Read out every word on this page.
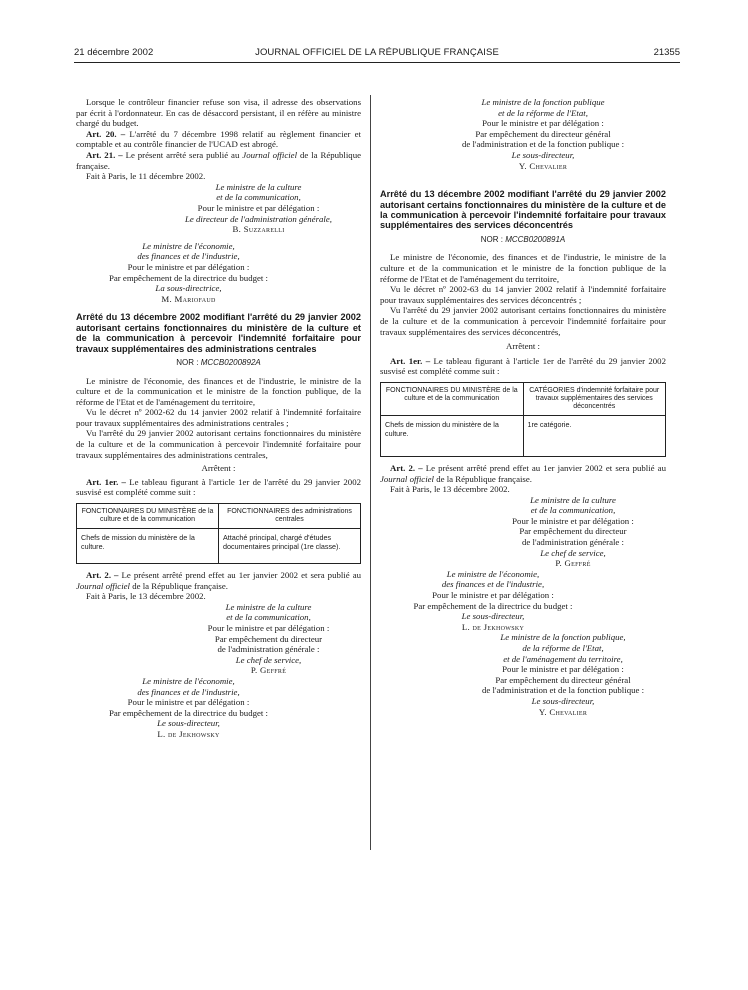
21 décembre 2002	JOURNAL OFFICIEL DE LA RÉPUBLIQUE FRANÇAISE	21355

Lorsque le contrôleur financier refuse son visa, il adresse des observations par écrit à l'ordonnateur. En cas de désaccord persistant, il en réfère au ministre chargé du budget.

Art. 20. – L'arrêté du 7 décembre 1998 relatif au règlement financier et comptable et au contrôle financier de l'UCAD est abrogé.

Art. 21. – Le présent arrêté sera publié au Journal officiel de la République française.

Fait à Paris, le 11 décembre 2002.

Le ministre de la culture
et de la communication,
Pour le ministre et par délégation :
Le directeur de l'administration générale,
B. Suzzarelli
Le ministre de l'économie,
des finances et de l'industrie,
Pour le ministre et par délégation :
Par empêchement de la directrice du budget :
La sous-directrice,
M. Mariofaud

Arrêté du 13 décembre 2002 modifiant l'arrêté du 29 janvier 2002 autorisant certains fonctionnaires du ministère de la culture et de la communication à percevoir l'indemnité forfaitaire pour travaux supplémentaires des administrations centrales

NOR : MCCB0200892A

Le ministre de l'économie, des finances et de l'industrie, le ministre de la culture et de la communication et le ministre de la fonction publique, de la réforme de l'Etat et de l'aménagement du territoire,

Vu le décret nº 2002-62 du 14 janvier 2002 relatif à l'indemnité forfaitaire pour travaux supplémentaires des administrations centrales ;

Vu l'arrêté du 29 janvier 2002 autorisant certains fonctionnaires du ministère de la culture et de la communication à percevoir l'indemnité forfaitaire pour travaux supplémentaires des administrations centrales,

Arrêtent :

Art. 1er. – Le tableau figurant à l'article 1er de l'arrêté du 29 janvier 2002 susvisé est complété comme suit :

FONCTIONNAIRES DU MINISTÈRE de la culture et de la communication	FONCTIONNAIRES des administrations centrales
Chefs de mission du ministère de la culture.	Attaché principal, chargé d'études documentaires principal (1re classe).

Art. 2. – Le présent arrêté prend effet au 1er janvier 2002 et sera publié au Journal officiel de la République française.

Fait à Paris, le 13 décembre 2002.

Le ministre de la culture
et de la communication,
Pour le ministre et par délégation :
Par empêchement du directeur
de l'administration générale :
Le chef de service,
P. Geffré
Le ministre de l'économie,
des finances et de l'industrie,
Pour le ministre et par délégation :
Par empêchement de la directrice du budget :
Le sous-directeur,
L. de Jekhowsky
Le ministre de la fonction publique
et de la réforme de l'Etat,
Pour le ministre et par délégation :
Par empêchement du directeur général
de l'administration et de la fonction publique :
Le sous-directeur,
Y. Chevalier

Arrêté du 13 décembre 2002 modifiant l'arrêté du 29 janvier 2002 autorisant certains fonctionnaires du ministère de la culture et de la communication à percevoir l'indemnité forfaitaire pour travaux supplémentaires des services déconcentrés

NOR : MCCB0200891A

Le ministre de l'économie, des finances et de l'industrie, le ministre de la culture et de la communication et le ministre de la fonction publique de la réforme de l'Etat et de l'aménagement du territoire,

Vu le décret nº 2002-63 du 14 janvier 2002 relatif à l'indemnité forfaitaire pour travaux supplémentaires des services déconcentrés ;

Vu l'arrêté du 29 janvier 2002 autorisant certains fonctionnaires du ministère de la culture et de la communication à percevoir l'indemnité forfaitaire pour travaux supplémentaires des services déconcentrés,

Arrêtent :

Art. 1er. – Le tableau figurant à l'article 1er de l'arrêté du 29 janvier 2002 susvisé est complété comme suit :

FONCTIONNAIRES DU MINISTÈRE de la culture et de la communication	CATÉGORIES d'indemnité forfaitaire pour travaux supplémentaires des services déconcentrés
Chefs de mission du ministère de la culture.	1re catégorie.

Art. 2. – Le présent arrêté prend effet au 1er janvier 2002 et sera publié au Journal officiel de la République française.

Fait à Paris, le 13 décembre 2002.

Le ministre de la culture
et de la communication,
Pour le ministre et par délégation :
Par empêchement du directeur
de l'administration générale :
Le chef de service,
P. Geffré
Le ministre de l'économie,
des finances et de l'industrie,
Pour le ministre et par délégation :
Par empêchement de la directrice du budget :
Le sous-directeur,
L. de Jekhowsky
Le ministre de la fonction publique,
de la réforme de l'Etat,
et de l'aménagement du territoire,
Pour le ministre et par délégation :
Par empêchement du directeur général
de l'administration et de la fonction publique :
Le sous-directeur,
Y. Chevalier
